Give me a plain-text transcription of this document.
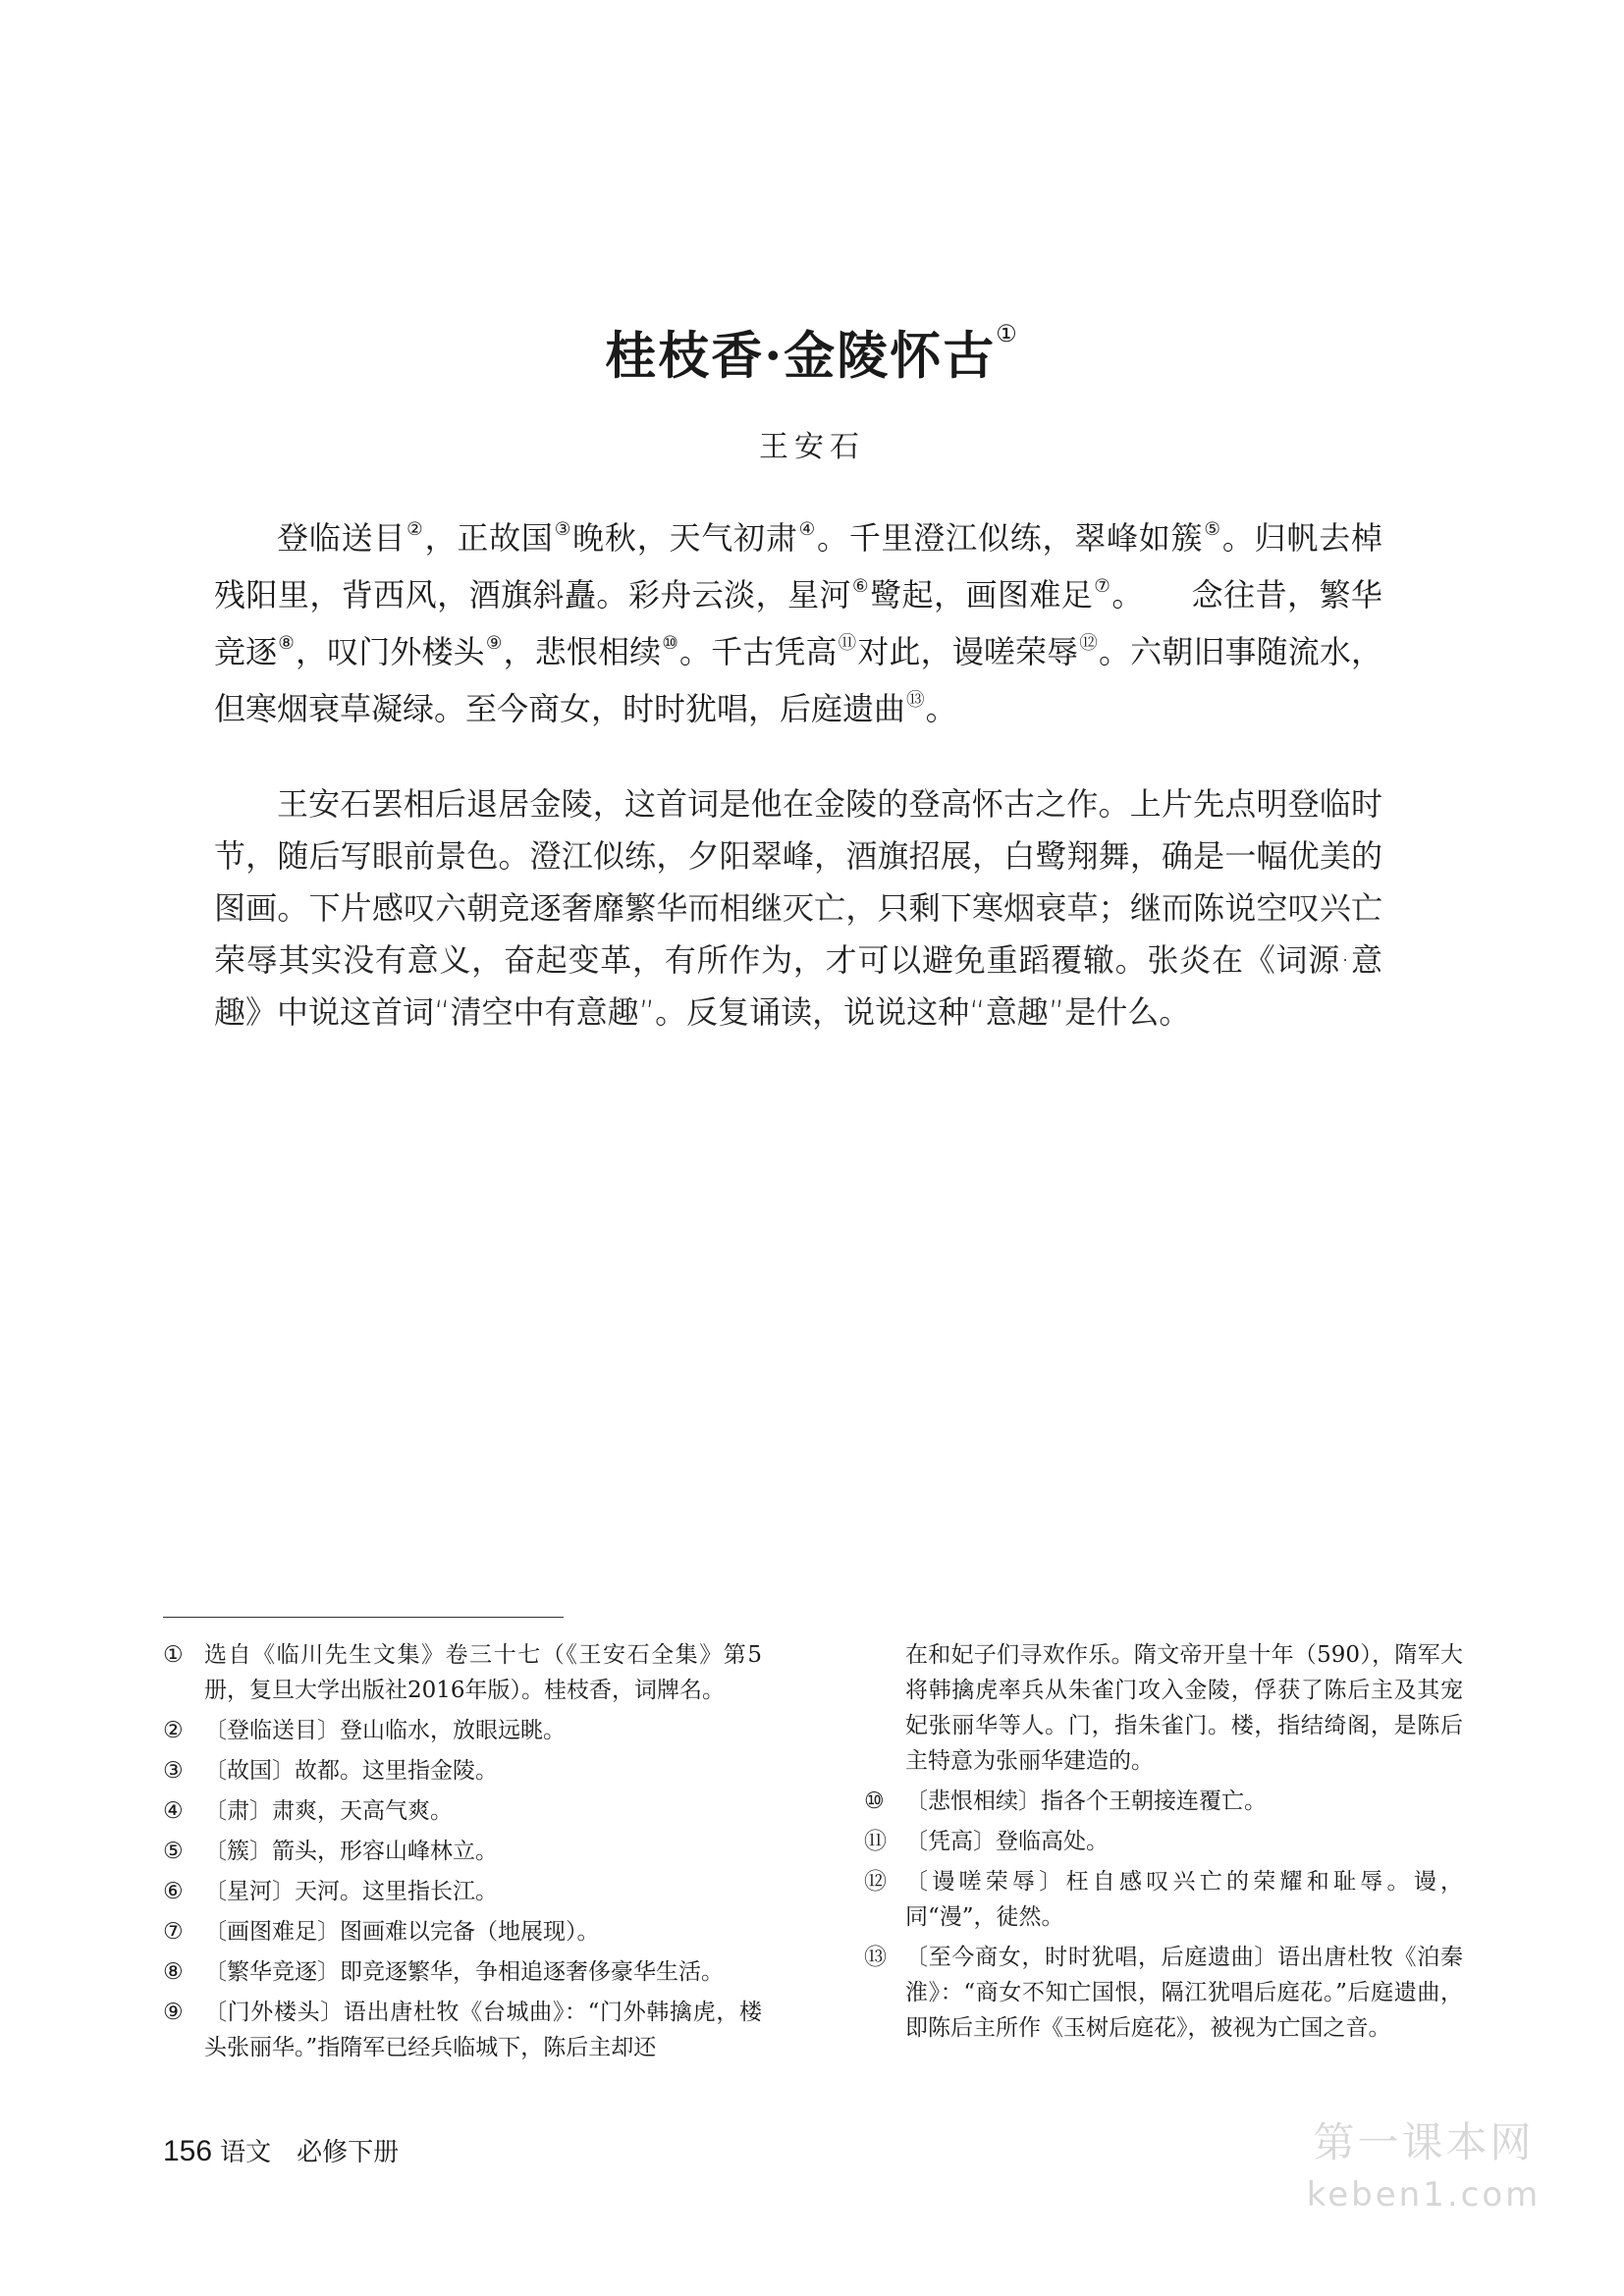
桂枝香·金陵怀古①
王安石

登临送目②，正故国③晚秋，天气初肃④。千里澄江似练，翠峰如簇⑤。归帆去棹残阳里，背西风，酒旗斜矗。彩舟云淡，星河⑥鹭起，画图难足⑦。　　念往昔，繁华竞逐⑧，叹门外楼头⑨，悲恨相续⑩。千古凭高⑪对此，谩嗟荣辱⑫。六朝旧事随流水，但寒烟衰草凝绿。至今商女，时时犹唱，后庭遗曲⑬。

王安石罢相后退居金陵，这首词是他在金陵的登高怀古之作。上片先点明登临时节，随后写眼前景色。澄江似练，夕阳翠峰，酒旗招展，白鹭翔舞，确是一幅优美的图画。下片感叹六朝竞逐奢靡繁华而相继灭亡，只剩下寒烟衰草；继而陈说空叹兴亡荣辱其实没有意义，奋起变革，有所作为，才可以避免重蹈覆辙。张炎在《词源·意趣》中说这首词“清空中有意趣”。反复诵读，说说这种“意趣”是什么。

① 选自《临川先生文集》卷三十七（《王安石全集》第5册，复旦大学出版社2016年版）。桂枝香，词牌名。
② 〔登临送目〕登山临水，放眼远眺。
③ 〔故国〕故都。这里指金陵。
④ 〔肃〕肃爽，天高气爽。
⑤ 〔簇〕箭头，形容山峰林立。
⑥ 〔星河〕天河。这里指长江。
⑦ 〔画图难足〕图画难以完备（地展现）。
⑧ 〔繁华竞逐〕即竞逐繁华，争相追逐奢侈豪华生活。
⑨ 〔门外楼头〕语出唐杜牧《台城曲》：“门外韩擒虎，楼头张丽华。”指隋军已经兵临城下，陈后主却还
在和妃子们寻欢作乐。隋文帝开皇十年（590），隋军大将韩擒虎率兵从朱雀门攻入金陵，俘获了陈后主及其宠妃张丽华等人。门，指朱雀门。楼，指结绮阁，是陈后主特意为张丽华建造的。
⑩ 〔悲恨相续〕指各个王朝接连覆亡。
⑪ 〔凭高〕登临高处。
⑫ 〔谩嗟荣辱〕枉自感叹兴亡的荣耀和耻辱。谩，同“漫”，徒然。
⑬ 〔至今商女，时时犹唱，后庭遗曲〕语出唐杜牧《泊秦淮》：“商女不知亡国恨，隔江犹唱后庭花。”后庭遗曲，即陈后主所作《玉树后庭花》，被视为亡国之音。
156 语文　必修下册	第一课本网
keben1.com
